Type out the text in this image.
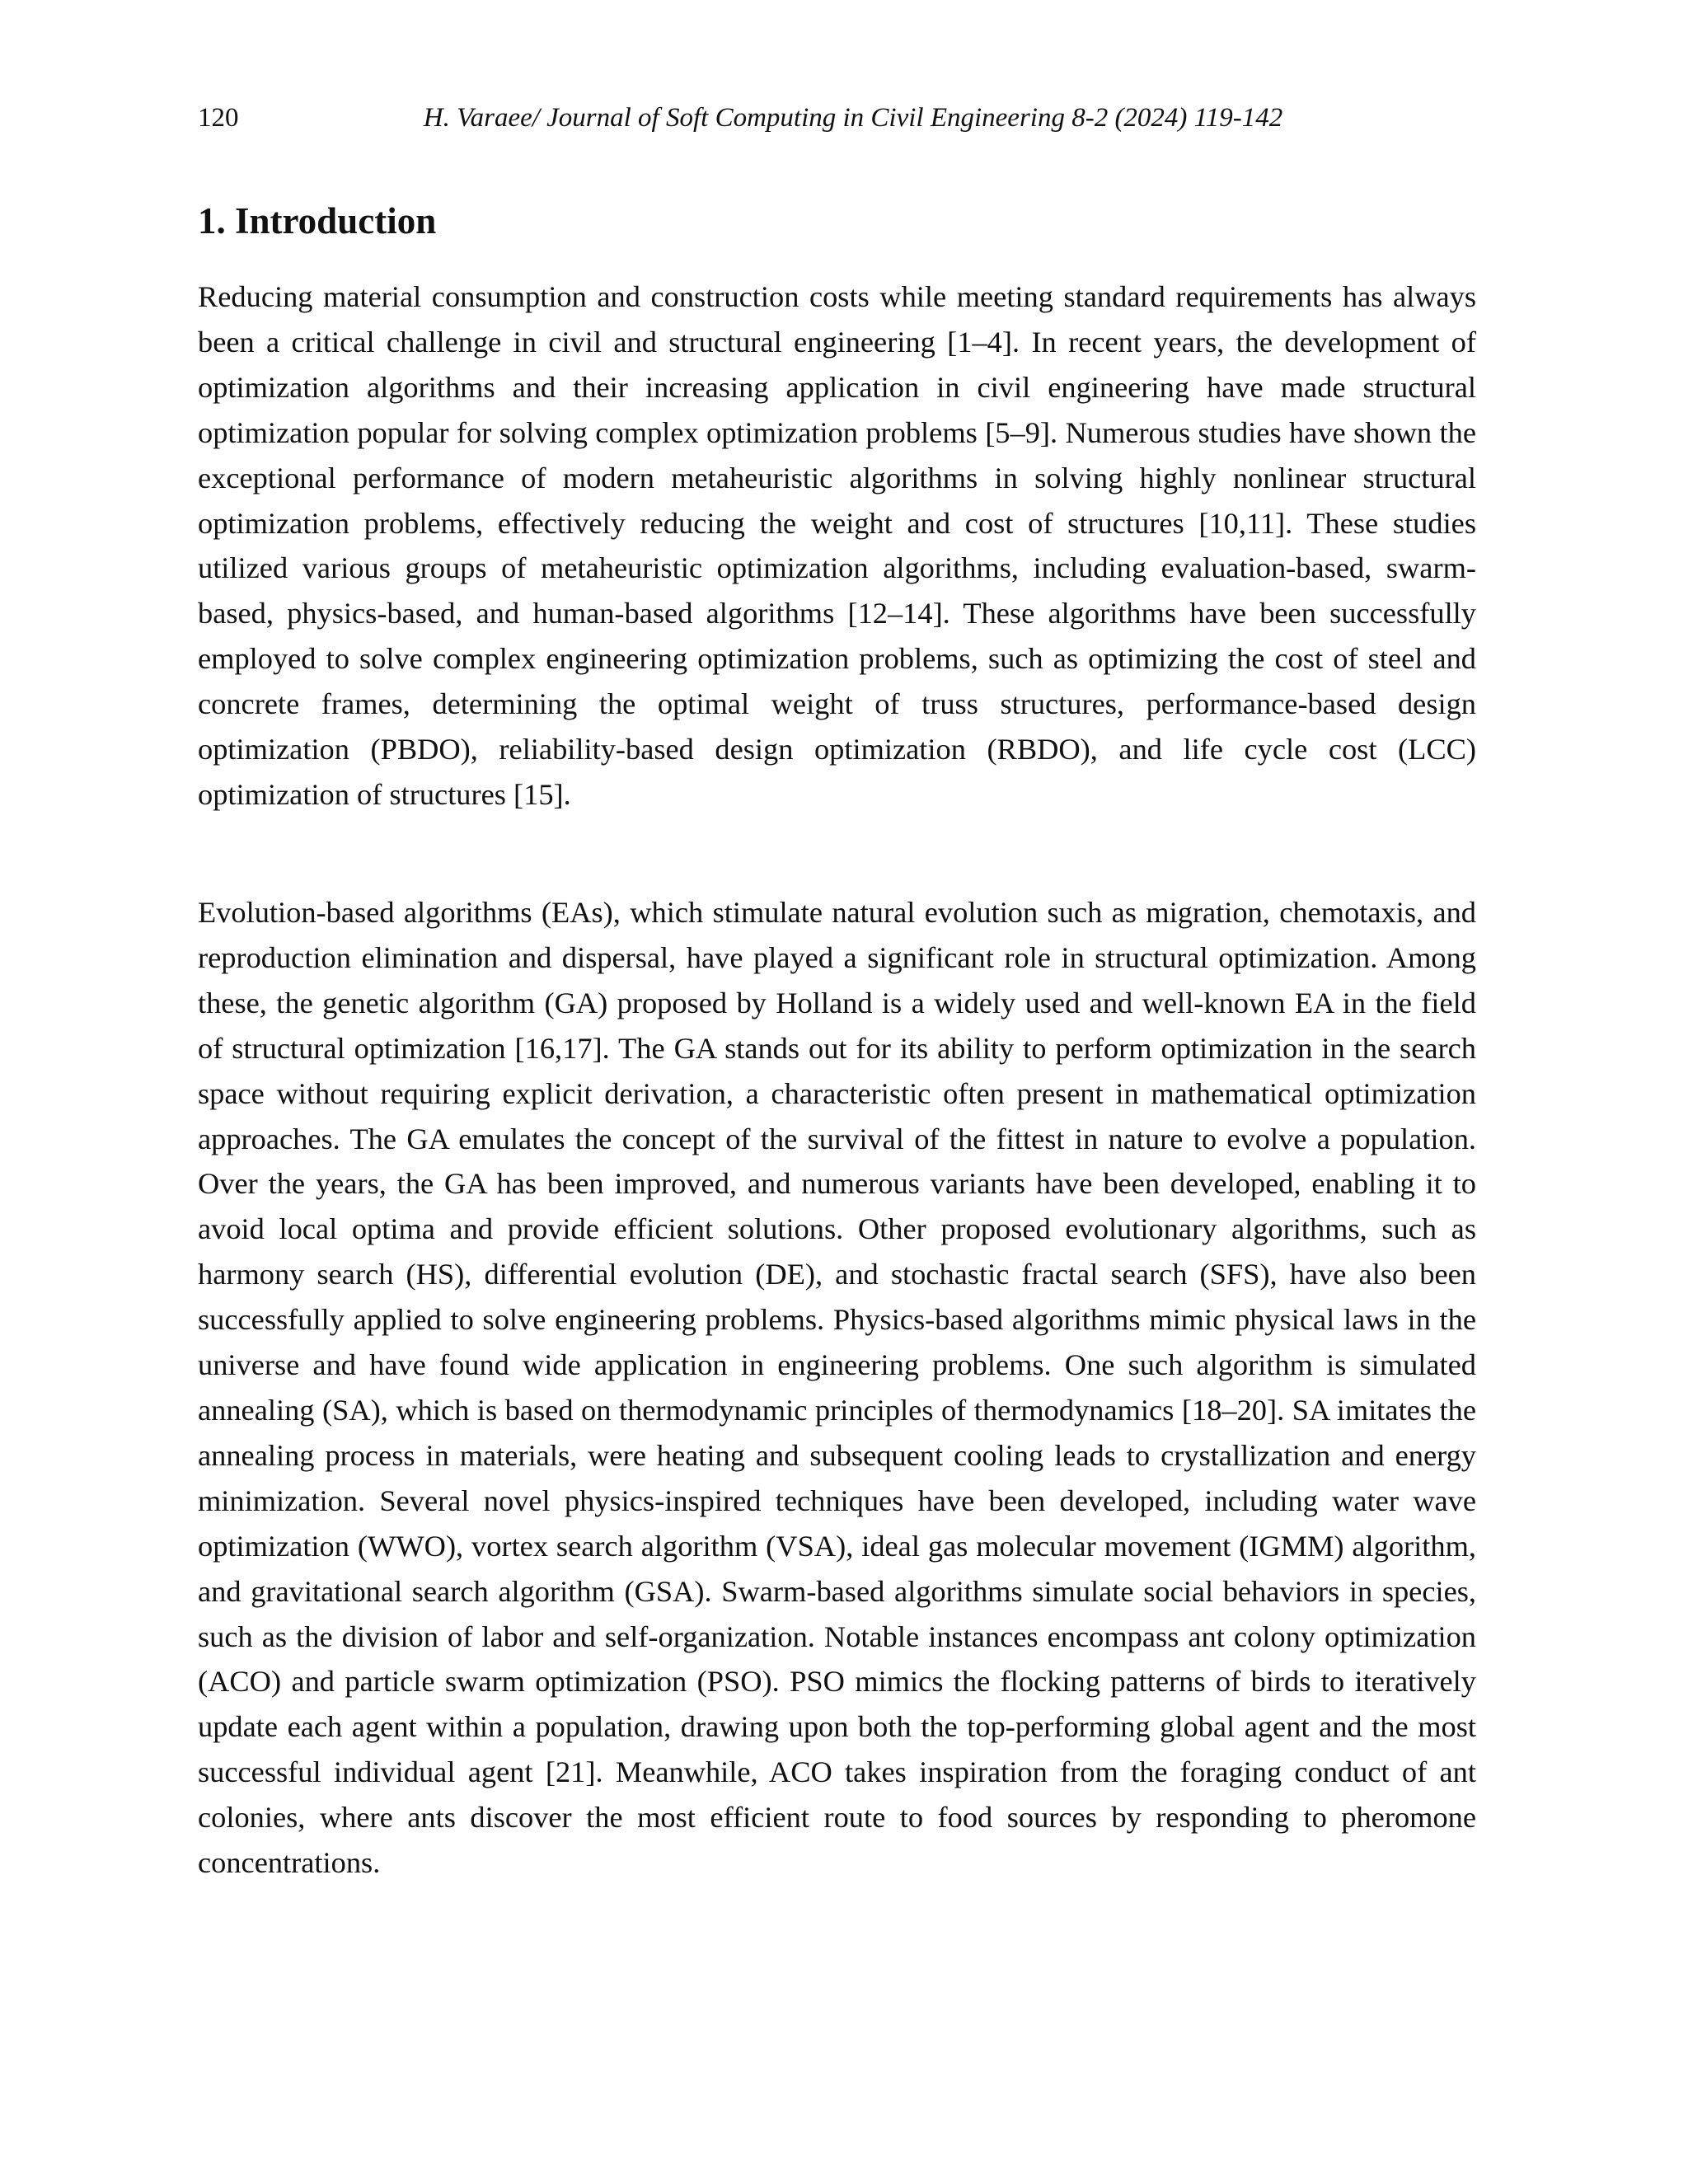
120	H. Varaee/ Journal of Soft Computing in Civil Engineering 8-2 (2024) 119-142
1. Introduction

Reducing material consumption and construction costs while meeting standard requirements has always been a critical challenge in civil and structural engineering [1–4]. In recent years, the development of optimization algorithms and their increasing application in civil engineering have made structural optimization popular for solving complex optimization problems [5–9]. Numerous studies have shown the exceptional performance of modern metaheuristic algorithms in solving highly nonlinear structural optimization problems, effectively reducing the weight and cost of structures [10,11]. These studies utilized various groups of metaheuristic optimization algorithms, including evaluation-based, swarm-based, physics-based, and human-based algorithms [12–14]. These algorithms have been successfully employed to solve complex engineering optimization problems, such as optimizing the cost of steel and concrete frames, determining the optimal weight of truss structures, performance-based design optimization (PBDO), reliability-based design optimization (RBDO), and life cycle cost (LCC) optimization of structures [15].

Evolution-based algorithms (EAs), which stimulate natural evolution such as migration, chemotaxis, and reproduction elimination and dispersal, have played a significant role in structural optimization. Among these, the genetic algorithm (GA) proposed by Holland is a widely used and well-known EA in the field of structural optimization [16,17]. The GA stands out for its ability to perform optimization in the search space without requiring explicit derivation, a characteristic often present in mathematical optimization approaches. The GA emulates the concept of the survival of the fittest in nature to evolve a population. Over the years, the GA has been improved, and numerous variants have been developed, enabling it to avoid local optima and provide efficient solutions. Other proposed evolutionary algorithms, such as harmony search (HS), differential evolution (DE), and stochastic fractal search (SFS), have also been successfully applied to solve engineering problems. Physics-based algorithms mimic physical laws in the universe and have found wide application in engineering problems. One such algorithm is simulated annealing (SA), which is based on thermodynamic principles of thermodynamics [18–20]. SA imitates the annealing process in materials, were heating and subsequent cooling leads to crystallization and energy minimization. Several novel physics-inspired techniques have been developed, including water wave optimization (WWO), vortex search algorithm (VSA), ideal gas molecular movement (IGMM) algorithm, and gravitational search algorithm (GSA). Swarm-based algorithms simulate social behaviors in species, such as the division of labor and self-organization. Notable instances encompass ant colony optimization (ACO) and particle swarm optimization (PSO). PSO mimics the flocking patterns of birds to iteratively update each agent within a population, drawing upon both the top-performing global agent and the most successful individual agent [21]. Meanwhile, ACO takes inspiration from the foraging conduct of ant colonies, where ants discover the most efficient route to food sources by responding to pheromone concentrations.
